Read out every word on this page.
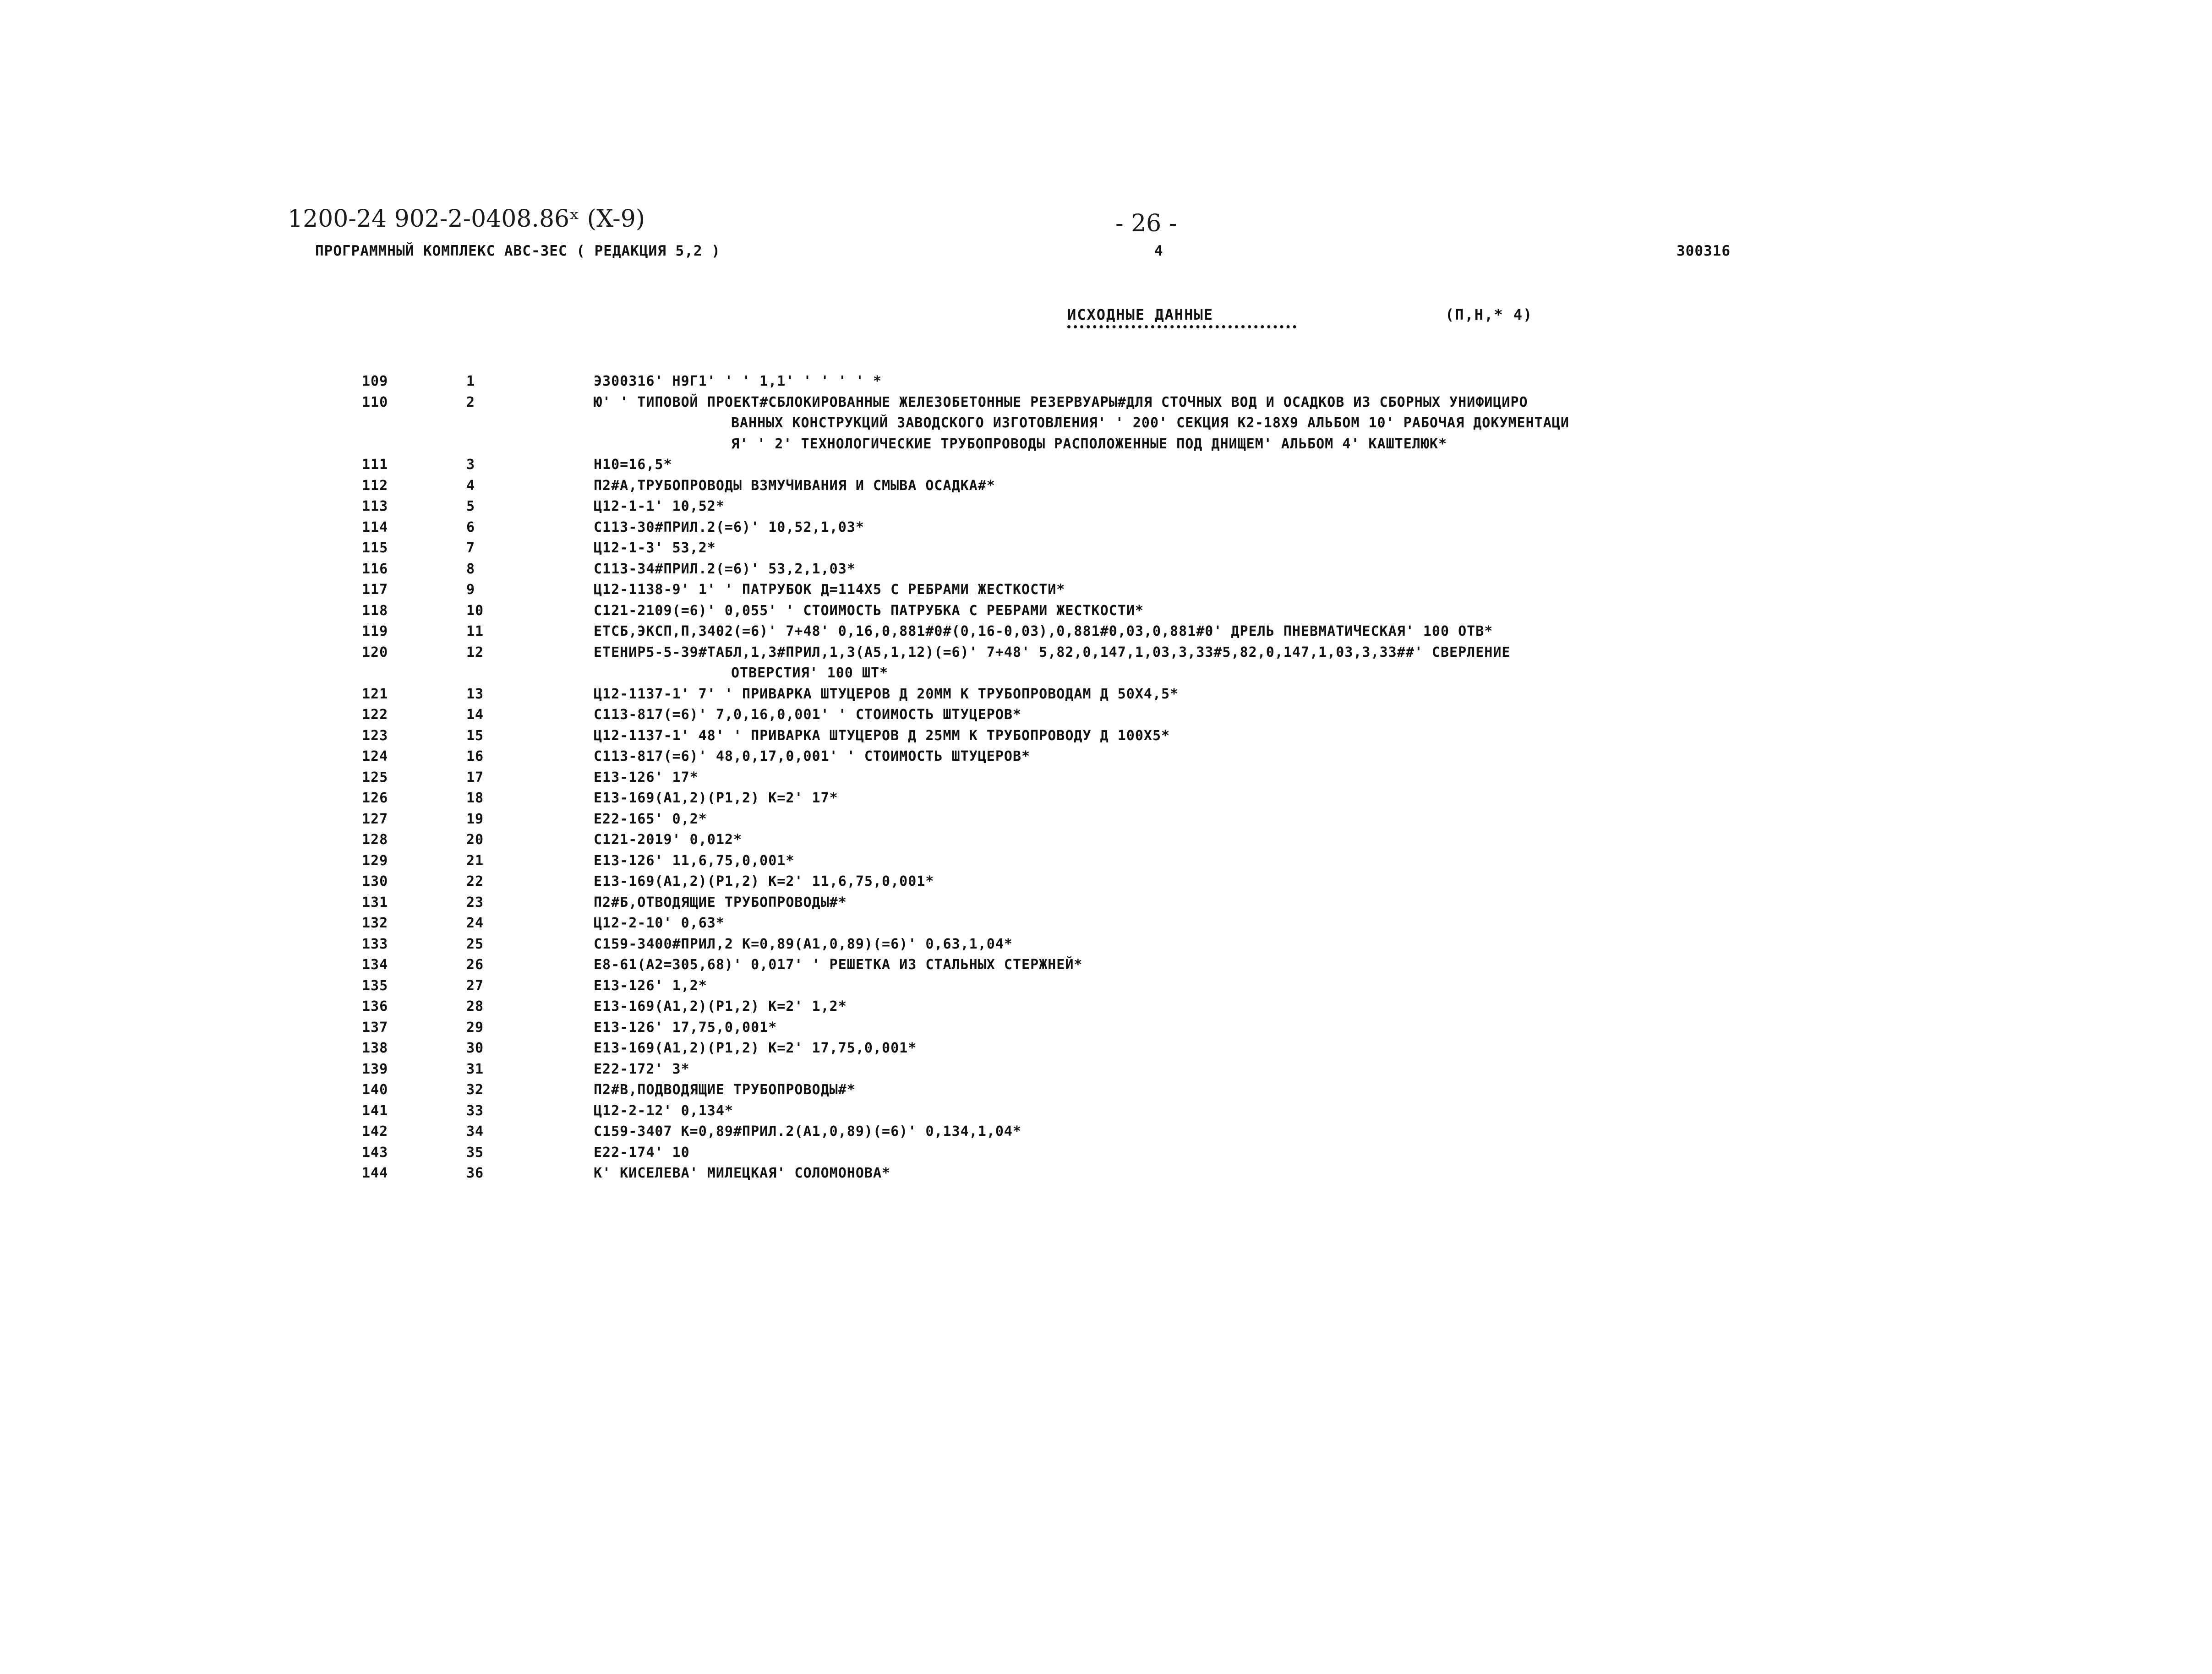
1200-24 902-2-0408.86ˣ (X-9)	- 26 -
ПРОГРАММНЫЙ КОМПЛЕКС АВС-3ЕС ( РЕДАКЦИЯ 5,2 )	4	300316
ИСХОДНЫЕ ДАННЫЕ	(П,Н,* 4)
109	1	Э300316' Н9Г1' ' ' 1,1' ' ' ' ' *
110	2	Ю' ' ТИПОВОЙ ПРОЕКТ#СБЛОКИРОВАННЫЕ ЖЕЛЕЗОБЕТОННЫЕ РЕЗЕРВУАРЫ#ДЛЯ СТОЧНЫХ ВОД И ОСАДКОВ ИЗ СБОРНЫХ УНИФИЦИРО
ВАННЫХ КОНСТРУКЦИЙ ЗАВОДСКОГО ИЗГОТОВЛЕНИЯ' ' 200' СЕКЦИЯ К2-18Х9 АЛЬБОМ 10' РАБОЧАЯ ДОКУМЕНТАЦИ
Я' ' 2' ТЕХНОЛОГИЧЕСКИЕ ТРУБОПРОВОДЫ РАСПОЛОЖЕННЫЕ ПОД ДНИЩЕМ' АЛЬБОМ 4' КАШТЕЛЮК*
111	3	Н10=16,5*
112	4	П2#А,ТРУБОПРОВОДЫ ВЗМУЧИВАНИЯ И СМЫВА ОСАДКА#*
113	5	Ц12-1-1' 10,52*
114	6	С113-30#ПРИЛ.2(=6)' 10,52,1,03*
115	7	Ц12-1-3' 53,2*
116	8	С113-34#ПРИЛ.2(=6)' 53,2,1,03*
117	9	Ц12-1138-9' 1' ' ПАТРУБОК Д=114Х5 С РЕБРАМИ ЖЕСТКОСТИ*
118	10	С121-2109(=6)' 0,055' ' СТОИМОСТЬ ПАТРУБКА С РЕБРАМИ ЖЕСТКОСТИ*
119	11	ЕТСБ,ЭКСП,П,3402(=6)' 7+48' 0,16,0,881#0#(0,16-0,03),0,881#0,03,0,881#0' ДРЕЛЬ ПНЕВМАТИЧЕСКАЯ' 100 ОТВ*
120	12	ЕТЕНИР5-5-39#ТАБЛ,1,3#ПРИЛ,1,3(А5,1,12)(=6)' 7+48' 5,82,0,147,1,03,3,33#5,82,0,147,1,03,3,33##' СВЕРЛЕНИЕ
ОТВЕРСТИЯ' 100 ШТ*
121	13	Ц12-1137-1' 7' ' ПРИВАРКА ШТУЦЕРОВ Д 20ММ К ТРУБОПРОВОДАМ Д 50Х4,5*
122	14	С113-817(=6)' 7,0,16,0,001' ' СТОИМОСТЬ ШТУЦЕРОВ*
123	15	Ц12-1137-1' 48' ' ПРИВАРКА ШТУЦЕРОВ Д 25ММ К ТРУБОПРОВОДУ Д 100Х5*
124	16	С113-817(=6)' 48,0,17,0,001' ' СТОИМОСТЬ ШТУЦЕРОВ*
125	17	Е13-126' 17*
126	18	Е13-169(А1,2)(Р1,2) К=2' 17*
127	19	Е22-165' 0,2*
128	20	С121-2019' 0,012*
129	21	Е13-126' 11,6,75,0,001*
130	22	Е13-169(А1,2)(Р1,2) К=2' 11,6,75,0,001*
131	23	П2#Б,ОТВОДЯЩИЕ ТРУБОПРОВОДЫ#*
132	24	Ц12-2-10' 0,63*
133	25	С159-3400#ПРИЛ,2 К=0,89(А1,0,89)(=6)' 0,63,1,04*
134	26	Е8-61(А2=305,68)' 0,017' ' РЕШЕТКА ИЗ СТАЛЬНЫХ СТЕРЖНЕЙ*
135	27	Е13-126' 1,2*
136	28	Е13-169(А1,2)(Р1,2) К=2' 1,2*
137	29	Е13-126' 17,75,0,001*
138	30	Е13-169(А1,2)(Р1,2) К=2' 17,75,0,001*
139	31	Е22-172' 3*
140	32	П2#В,ПОДВОДЯЩИЕ ТРУБОПРОВОДЫ#*
141	33	Ц12-2-12' 0,134*
142	34	С159-3407 К=0,89#ПРИЛ.2(А1,0,89)(=6)' 0,134,1,04*
143	35	Е22-174' 10
144	36	К' КИСЕЛЕВА' МИЛЕЦКАЯ' СОЛОМОНОВА*
